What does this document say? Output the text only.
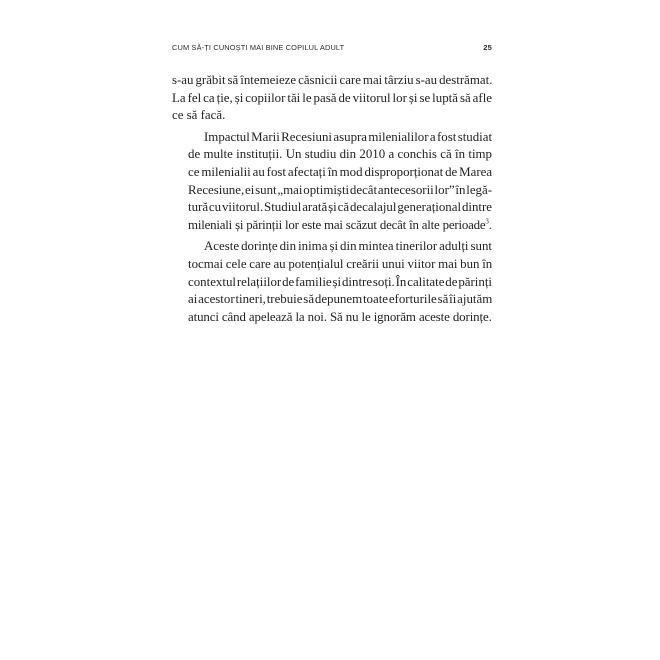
CUM SĂ-ȚI CUNOȘTI MAI BINE COPILUL ADULT	25

s-au grăbit să întemeieze căsnicii care mai târziu s-au destrămat.
La fel ca ție, și copiilor tăi le pasă de viitorul lor și se luptă să afle
ce să facă.

Impactul Marii Recesiuni asupra milenialilor a fost studiat
de multe instituții. Un studiu din 2010 a conchis că în timp
ce milenialii au fost afectați în mod disproporționat de Marea
Recesiune, ei sunt „mai optimiști decât antecesorii lor” în legă-
tură cu viitorul. Studiul arată și că decalajul generațional dintre
mileniali și părinții lor este mai scăzut decât în alte perioade$^3$.

Aceste dorințe din inima și din mintea tinerilor adulți sunt
tocmai cele care au potențialul creării unui viitor mai bun în
contextul relațiilor de familie și dintre soți. În calitate de părinți
ai acestor tineri, trebuie să depunem toate eforturile să îi ajutăm
atunci când apelează la noi. Să nu le ignorăm aceste dorințe.
